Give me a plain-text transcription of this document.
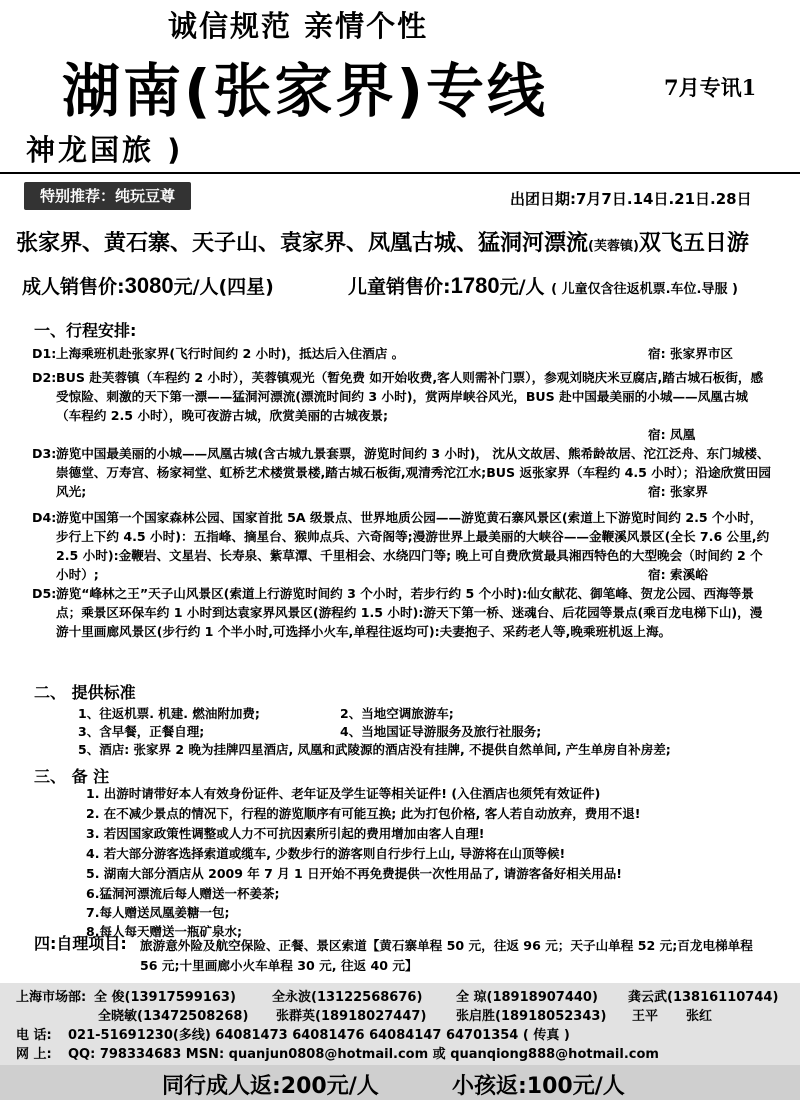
诚信规范 亲情个性
湖南(张家界)专线	7月专讯1
神龙国旅 )
特别推荐：纯玩豆尊	出团日期:7月7日.14日.21日.28日
张家界、黄石寨、天子山、袁家界、凤凰古城、猛洞河漂流(芙蓉镇)双飞五日游
成人销售价:3080元/人(四星)	儿童销售价:1780元/人 ( 儿童仅含往返机票.车位.导服 )
一、行程安排:
D1: 上海乘班机赴张家界(飞行时间约 2 小时)，抵达后入住酒店 。	宿: 张家界市区
D2: BUS 赴芙蓉镇（车程约 2 小时），芙蓉镇观光（暂免费 如开始收费,客人则需补门票），参观刘晓庆米豆腐店,踏古城石板街，感受惊险、刺激的天下第一漂——猛洞河漂流(漂流时间约 3 小时)，赏两岸峡谷风光，BUS 赴中国最美丽的小城——凤凰古城（车程约 2.5 小时），晚可夜游古城，欣赏美丽的古城夜景;
宿: 凤凰
D3: 游览中国最美丽的小城——凤凰古城(含古城九景套票，游览时间约 3 小时)， 沈从文故居、熊希龄故居、沱江泛舟、东门城楼、崇德堂、万寿宫、杨家祠堂、虹桥艺术楼赏景楼,踏古城石板街,观清秀沱江水;BUS 返张家界（车程约 4.5 小时）；沿途欣赏田园风光;	宿: 张家界
D4: 游览中国第一个国家森林公园、国家首批 5A 级景点、世界地质公园——游览黄石寨风景区(索道上下游览时间约 2.5 个小时，步行上下约 4.5 小时)：五指峰、摘星台、猴帅点兵、六奇阁等;漫游世界上最美丽的大峡谷——金鞭溪风景区(全长 7.6 公里,约 2.5 小时):金鞭岩、文星岩、长寿泉、紫草潭、千里相会、水绕四门等; 晚上可自费欣赏最具湘西特色的大型晚会（时间约 2 个小时）;	宿: 索溪峪
D5: 游览“峰林之王”天子山风景区(索道上行游览时间约 3 个小时，若步行约 5 个小时):仙女献花、御笔峰、贺龙公园、西海等景点；乘景区环保车约 1 小时到达袁家界风景区(游程约 1.5 小时):游天下第一桥、迷魂台、后花园等景点(乘百龙电梯下山)，漫游十里画廊风景区(步行约 1 个半小时,可选择小火车,单程往返均可):夫妻抱子、采药老人等,晚乘班机返上海。
二、 提供标准
1、往返机票. 机建. 燃油附加费;	2、当地空调旅游车;
3、含早餐，正餐自理;	4、当地国证导游服务及旅行社服务;
5、酒店: 张家界 2 晚为挂牌四星酒店, 凤凰和武陵源的酒店没有挂牌, 不提供自然单间, 产生单房自补房差;
三、 备 注
1. 出游时请带好本人有效身份证件、老年证及学生证等相关证件! (入住酒店也须凭有效证件)
2. 在不减少景点的情况下，行程的游览顺序有可能互换; 此为打包价格, 客人若自动放弃，费用不退!
3. 若因国家政策性调整或人力不可抗因素所引起的费用增加由客人自理!
4. 若大部分游客选择索道或缆车, 少数步行的游客则自行步行上山, 导游将在山顶等候!
5. 湖南大部分酒店从 2009 年 7 月 1 日开始不再免费提供一次性用品了, 请游客备好相关用品!
6.猛洞河漂流后每人赠送一杯姜茶;
7.每人赠送凤凰姜糖一包;
8.每人每天赠送一瓶矿泉水;
四:自理项目: 旅游意外险及航空保险、正餐、景区索道【黄石寨单程 50 元，往返 96 元；天子山单程 52 元;百龙电梯单程 56 元;十里画廊小火车单程 30 元, 往返 40 元】
上海市场部: 全 俊(13917599163)	全永波(13122568676)	全 琼(18918907440) 龚云武(13816110744)
全晓敏(13472508268) 张群英(18918027447) 张启胜(18918052343) 王平 张红
电 话: 021-51691230(多线) 64081473 64081476 64084147 64701354 ( 传真 )
网 上: QQ: 798334683 MSN: quanjun0808@hotmail.com 或 quanqiong888@hotmail.com
同行成人返:200元/人	小孩返:100元/人
